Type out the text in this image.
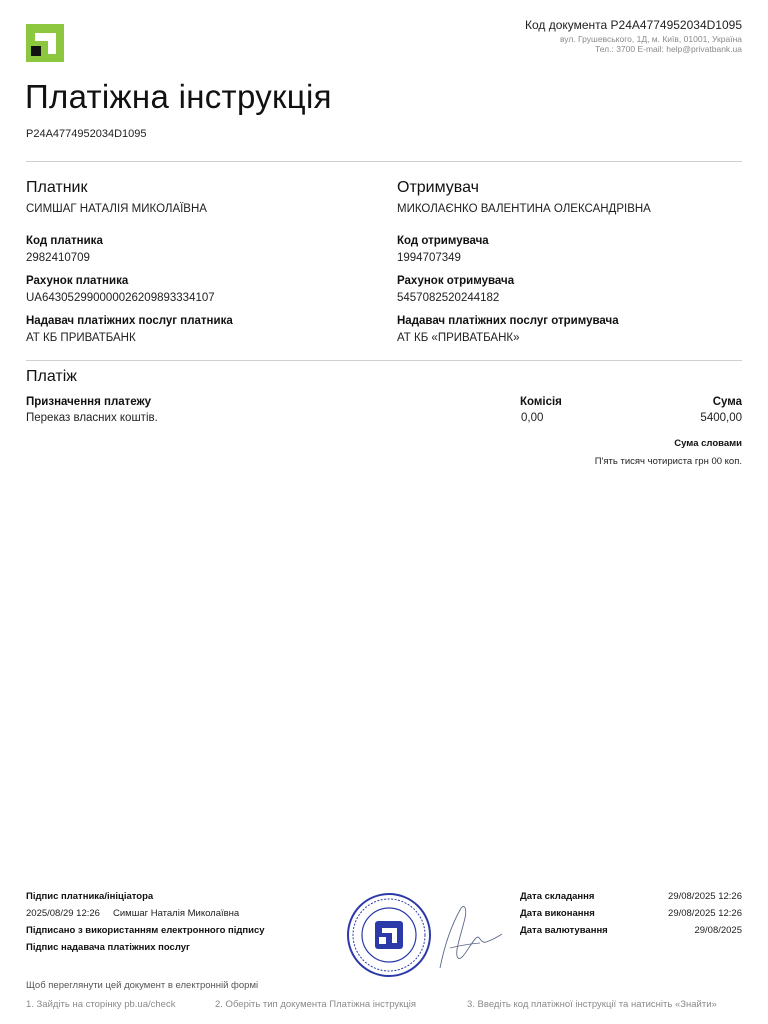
Код документа P24A4774952034D1095
вул. Грушевського, 1Д, м. Київ, 01001, Україна
Тел.: 3700 E-mail: help@privatbank.ua
Платіжна інструкція
P24A4774952034D1095
Платник
СИМШАГ НАТАЛІЯ МИКОЛАЇВНА
Код платника
2982410709
Рахунок платника
UA643052990000026209893334107
Надавач платіжних послуг платника
АТ КБ ПРИВАТБАНК
Отримувач
МИКОЛАЄНКО ВАЛЕНТИНА ОЛЕКСАНДРІВНА
Код отримувача
1994707349
Рахунок отримувача
5457082520244182
Надавач платіжних послуг отримувача
АТ КБ «ПРИВАТБАНК»
Платіж
Призначення платежу
Переказ власних коштів.
Комісія
0,00
Сума
5400,00
Сума словами
П'ять тисяч чотириста грн 00 коп.
Підпис платника/ініціатора
2025/08/29 12:26 Симшаг Наталія Миколаївна
Підписано з використанням електронного підпису
Підпис надавача платіжних послуг
Дата складання	29/08/2025 12:26
Дата виконання	29/08/2025 12:26
Дата валютування	29/08/2025
Щоб переглянути цей документ в електронній формі
1. Зайдіть на сторінку pb.ua/check	2. Оберіть тип документа Платіжна інструкція	3. Введіть код платіжної інструкції та натисніть «Знайти»
